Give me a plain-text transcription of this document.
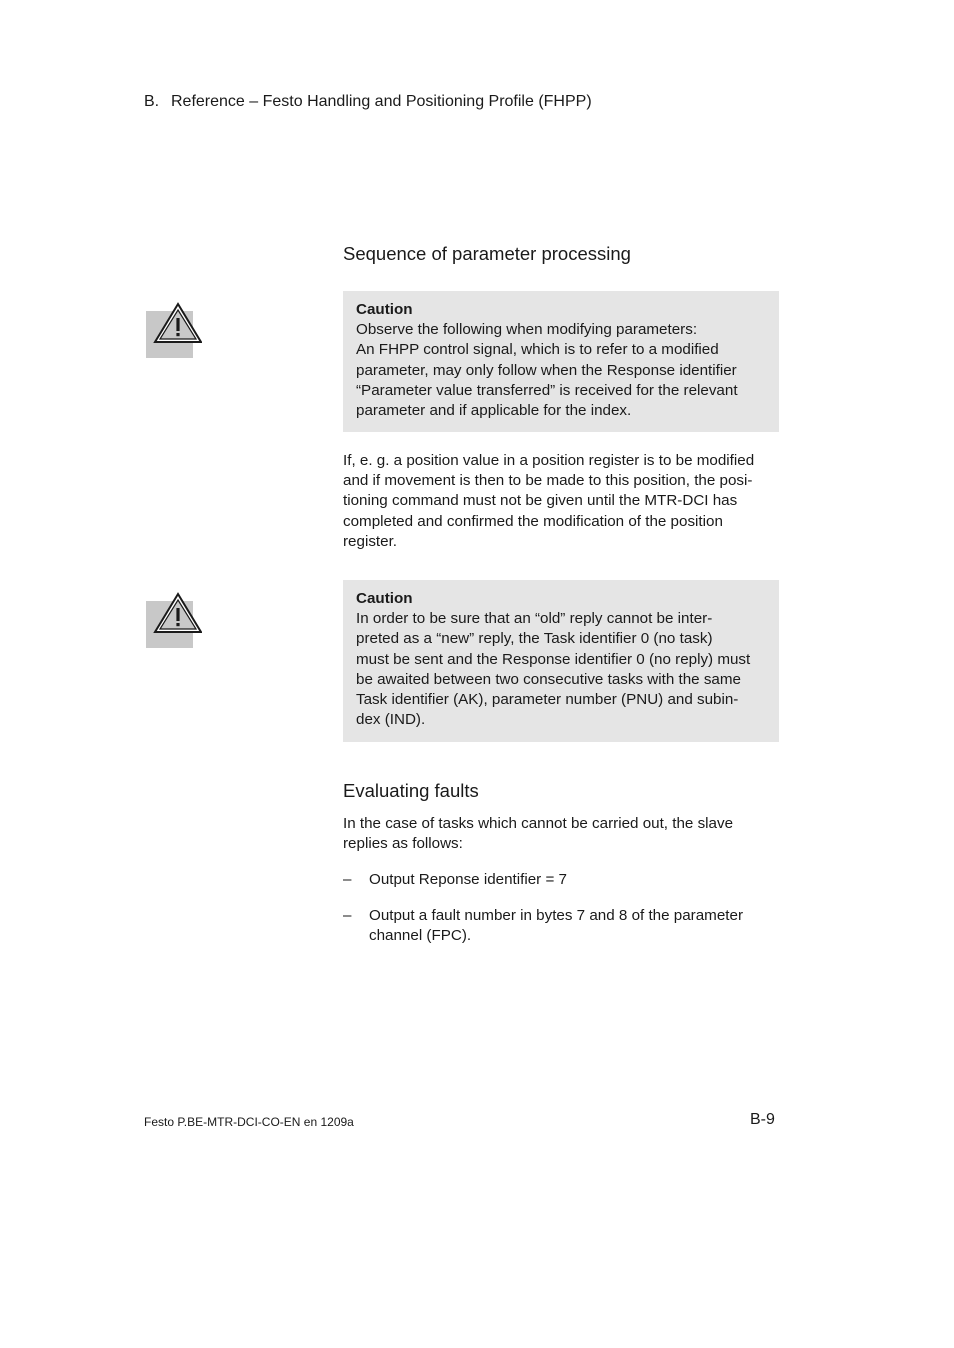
B. Reference – Festo Handling and Positioning Profile (FHPP)
Sequence of parameter processing
Caution
Observe the following when modifying parameters:
An FHPP control signal, which is to refer to a modified
parameter, may only follow when the Response identifier
“Parameter value transferred” is received for the relevant
parameter and if applicable for the index.
If, e. g. a position value in a position register is to be modified
and if movement is then to be made to this position, the posi-
tioning command must not be given until the MTR-DCI has
completed and confirmed the modification of the position
register.
Caution
In order to be sure that an “old” reply cannot be inter-
preted as a “new” reply, the Task identifier 0 (no task)
must be sent and the Response identifier 0 (no reply) must
be awaited between two consecutive tasks with the same
Task identifier (AK), parameter number (PNU) and subin-
dex (IND).
Evaluating faults
In the case of tasks which cannot be carried out, the slave
replies as follows:
– Output Reponse identifier = 7
– Output a fault number in bytes 7 and 8 of the parameter
channel (FPC).
Festo P.BE-MTR-DCI-CO-EN en 1209a	B-9
